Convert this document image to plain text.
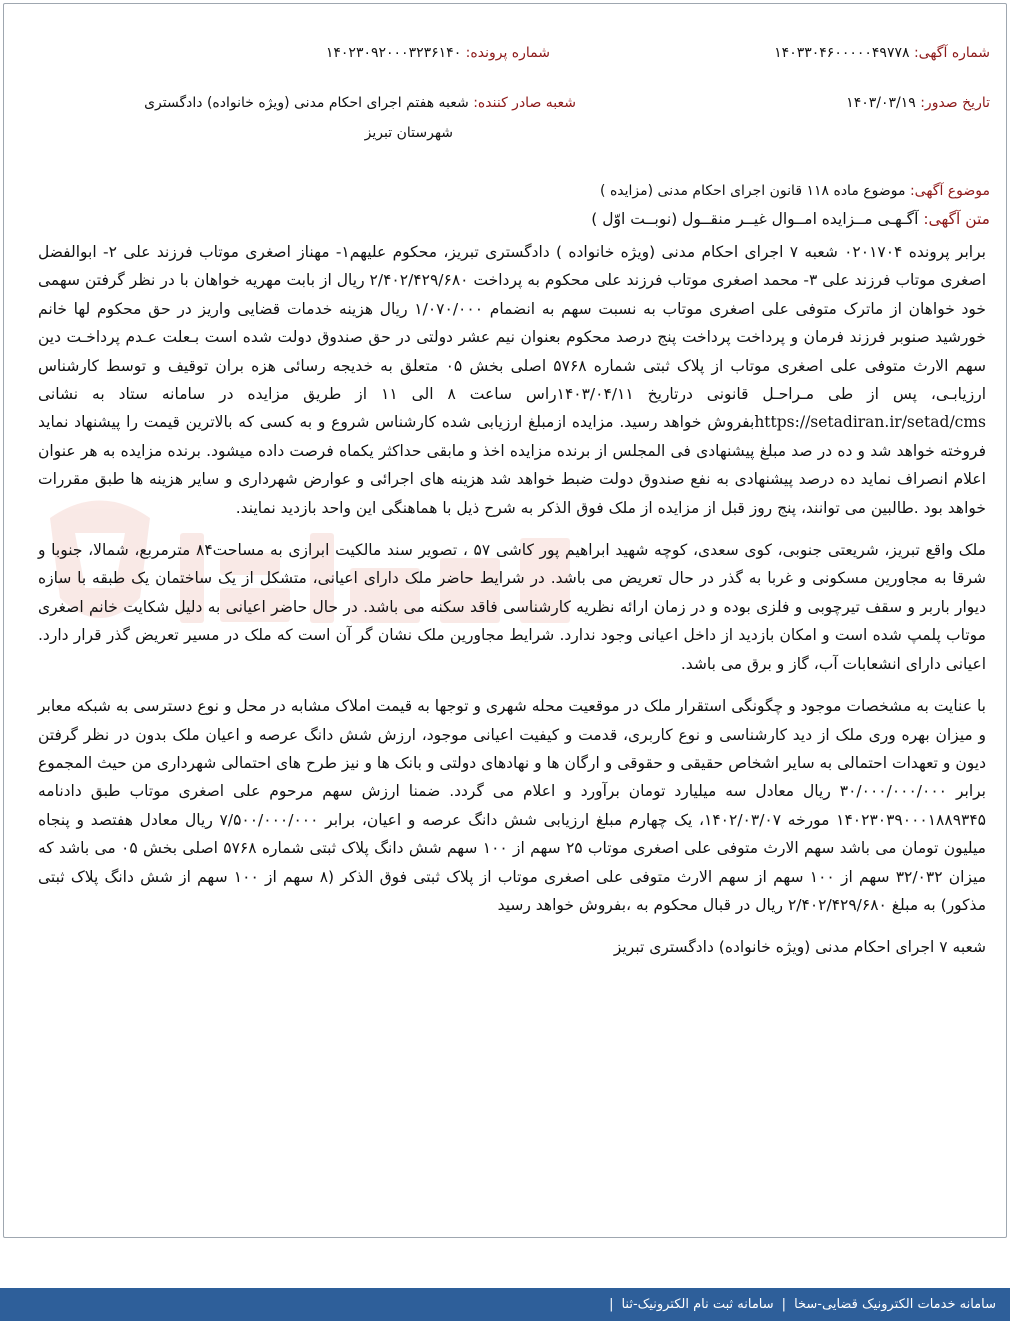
شماره آگهی: ۱۴۰۳۳۰۴۶۰۰۰۰۰۴۹۷۷۸
شماره پرونده: ۱۴۰۲۳۰۹۲۰۰۰۳۲۳۶۱۴۰
تاریخ صدور: ۱۴۰۳/۰۳/۱۹
شعبه صادر کننده: شعبه هفتم اجرای احکام مدنی (ویژه خانواده) دادگستری
شهرستان تبریز
موضوع آگهی: موضوع ماده ۱۱۸ قانون اجرای احکام مدنی (مزایده )
متن آگهی: آگـهـی مــزایده امــوال غیــر منقــول (نوبــت اوّل )

برابر پرونده ۰۲۰۱۷۰۴ شعبه ۷ اجرای احکام مدنی (ویژه خانواده ) دادگستری تبریز، محکوم علیهم۱- مهناز اصغری موتاب فرزند علی ۲- ابوالفضل اصغری موتاب فرزند علی ۳- محمد اصغری موتاب فرزند علی محکوم به پرداخت ۲/۴۰۲/۴۲۹/۶۸۰ ریال از بابت مهریه خواهان با در نظر گرفتن سهمی خود خواهان از ماترک متوفی علی اصغری موتاب به نسبت سهم به انضمام ۱/۰۷۰/۰۰۰ ریال هزینه خدمات قضایی واریز در حق محکوم لها خانم خورشید صنوبر فرزند فرمان و پرداخت پرداخت پنج درصد محکوم بعنوان نیم عشر دولتی در حق صندوق دولت شده است بـعلت عـدم پرداخـت دین سهم الارث متوفی علی اصغری موتاب از پلاک ثبتی شماره ۵۷۶۸ اصلی بخش ۰۵ متعلق به خدیجه رسائی هزه بران توقیف و توسط کارشناس ارزیابـی، پس از طی مـراحـل قانونی درتاریخ ۱۴۰۳/۰۴/۱۱راس ساعت ۸ الی ۱۱ از طریق مزایده در سامانه ستاد به نشانی https://setadiran.ir/setad/cmsبفروش خواهد رسید. مزایده ازمبلغ ارزیابی شده کارشناس شروع و به کسی که بالاترین قیمت را پیشنهاد نماید فروخته خواهد شد و ده در صد مبلغ پیشنهادی فی المجلس از برنده مزایده اخذ و مابقی حداکثر یکماه فرصت داده میشود. برنده مزایده به هر عنوان اعلام انصراف نماید ده درصد پیشنهادی به نفع صندوق دولت ضبط خواهد شد هزینه های اجرائی و عوارض شهرداری و سایر هزینه ها طبق مقررات خواهد بود .طالبین می توانند، پنج روز قبل از مزایده از ملک فوق الذکر به شرح ذیل با هماهنگی این واحد بازدید نمایند.

ملک واقع تبریز، شریعتی جنوبی، کوی سعدی، کوچه شهید ابراهیم پور کاشی ۵۷ ، تصویر سند مالکیت ابرازی به مساحت۸۴ مترمربع، شمالا، جنوبا و شرقا به مجاورین مسکونی و غربا به گذر در حال تعریض می باشد. در شرایط حاضر ملک دارای اعیانی، متشکل از یک ساختمان یک طبقه با سازه دیوار باربر و سقف تیرچوبی و فلزی بوده و در زمان ارائه نظریه کارشناسی فاقد سکنه می باشد. در حال حاضر اعیانی به دلیل شکایت خانم اصغری موتاب پلمپ شده است و امکان بازدید از داخل اعیانی وجود ندارد. شرایط مجاورین ملک نشان گر آن است که ملک در مسیر تعریض گذر قرار دارد. اعیانی دارای انشعابات آب، گاز و برق می باشد.

با عنایت به مشخصات موجود و چگونگی استقرار ملک در موقعیت محله شهری و توجها به قیمت املاک مشابه در محل و نوع دسترسی به شبکه معابر و میزان بهره وری ملک از دید کارشناسی و نوع کاربری، قدمت و کیفیت اعیانی موجود، ارزش شش دانگ عرصه و اعیان ملک بدون در نظر گرفتن دیون و تعهدات احتمالی به سایر اشخاص حقیقی و حقوقی و ارگان ها و نهادهای دولتی و بانک ها و نیز طرح های احتمالی شهرداری من حیث المجموع برابر ۳۰/۰۰۰/۰۰۰/۰۰۰ ریال معادل سه میلیارد تومان برآورد و اعلام می گردد. ضمنا ارزش سهم مرحوم علی اصغری موتاب طبق دادنامه ۱۴۰۲۳۰۳۹۰۰۰۱۸۸۹۳۴۵ مورخه ۱۴۰۲/۰۳/۰۷، یک چهارم مبلغ ارزیابی شش دانگ عرصه و اعیان، برابر ۷/۵۰۰/۰۰۰/۰۰۰ ریال معادل هفتصد و پنجاه میلیون تومان می باشد سهم الارث متوفی علی اصغری موتاب ۲۵ سهم از ۱۰۰ سهم شش دانگ پلاک ثبتی شماره ۵۷۶۸ اصلی بخش ۰۵ می باشد که میزان ۳۲/۰۳۲ سهم از ۱۰۰ سهم از سهم الارث متوفی علی اصغری موتاب از پلاک ثبتی فوق الذکر (۸ سهم از ۱۰۰ سهم از شش دانگ پلاک ثبتی مذکور) به مبلغ ۲/۴۰۲/۴۲۹/۶۸۰ ریال در قبال محکوم به ،بفروش خواهد رسید

شعبه ۷ اجرای احکام مدنی (ویژه خانواده) دادگستری تبریز

سامانه خدمات الکترونیک قضایی-سخا
|
سامانه ثبت نام الکترونیک-ثنا
|
